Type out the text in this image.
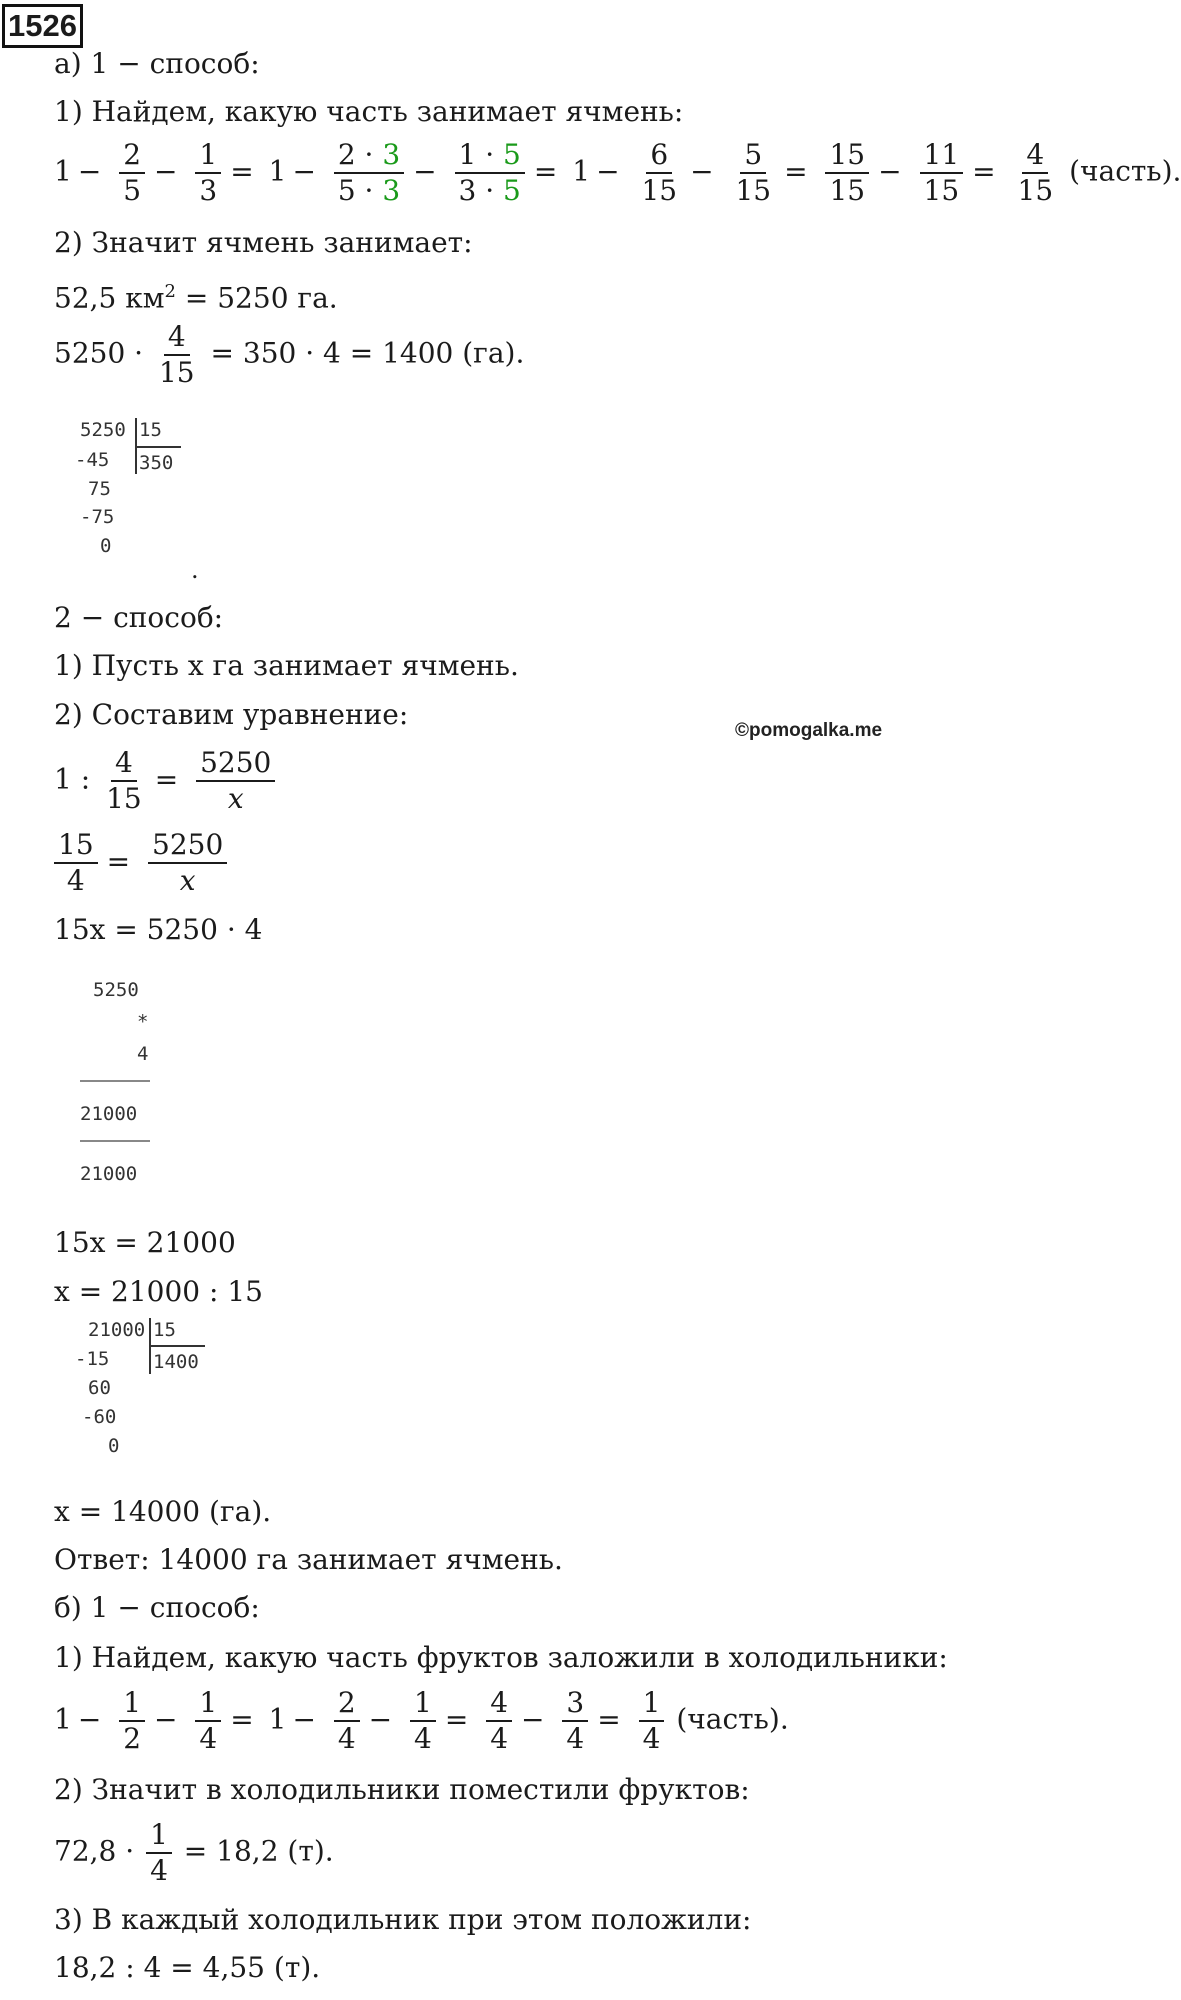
1526
а) 1 − способ:
1) Найдем, какую часть занимает ячмень:
$1 - \frac{2}{5} - \frac{1}{3} = 1 - \frac{2 \cdot 3}{5 \cdot 3} - \frac{1 \cdot 5}{3 \cdot 5} = 1 - \frac{6}{15} - \frac{5}{15} = \frac{15}{15} - \frac{11}{15} = \frac{4}{15}$ (часть).
2) Значит ячмень занимает:
52,5 $км^2 = 5250$ га.
$5250 \cdot \frac{4}{15} = 350 \cdot 4 = 1400$ (га).
5250 15
350
-45
75
-75
0
.
2 − способ:
1) Пусть x га занимает ячмень.
2) Составим уравнение:	©pomogalka.me
1 : $\frac{4}{15} = \frac{5250}{x}$
$\frac{15}{4} = \frac{5250}{x}$
15x = 5250 · 4
5250
*
4
21000
21000
15x = 21000
x = 21000 : 15
21000 15
1400
-15
60
-60
0
x = 14000 (га).
Ответ: 14000 га занимает ячмень.
б) 1 − способ:
1) Найдем, какую часть фруктов заложили в холодильники:
$1 - \frac{1}{2} - \frac{1}{4} = 1 - \frac{2}{4} - \frac{1}{4} = \frac{4}{4} - \frac{3}{4} = \frac{1}{4}$ (часть).
2) Значит в холодильники поместили фруктов:
$72,8 \cdot \frac{1}{4} = 18,2$ (т).
3) В каждый холодильник при этом положили:
18,2 : 4 = 4,55 (т).
